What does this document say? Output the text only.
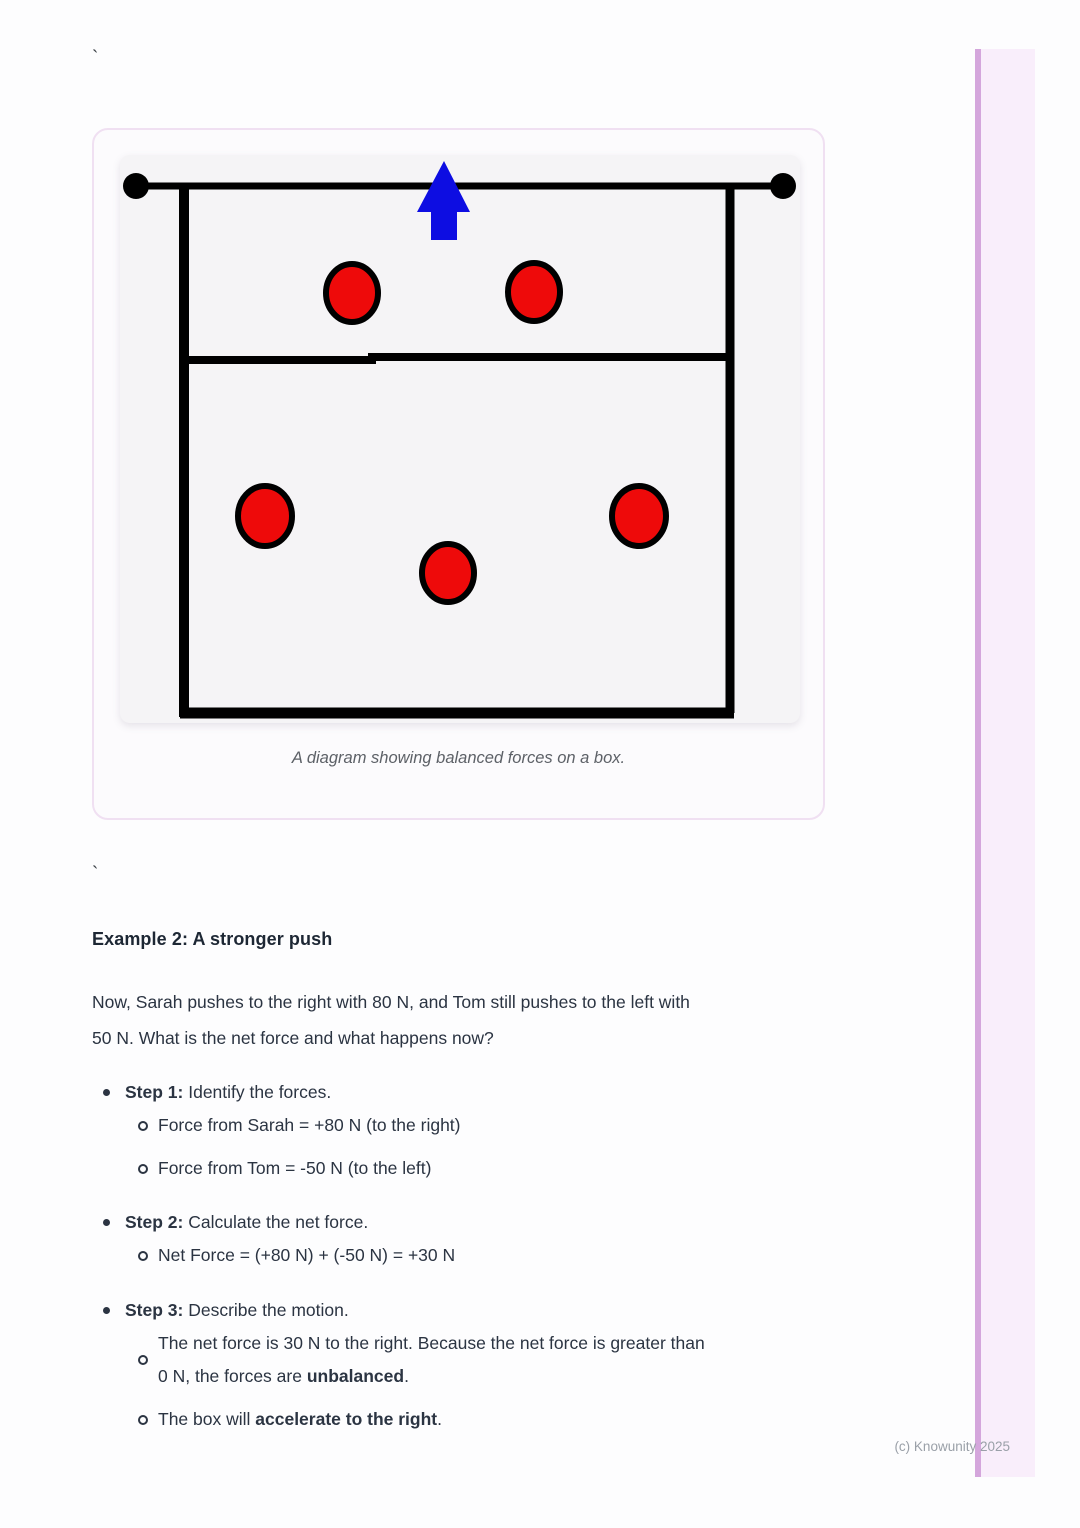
`
`
A diagram showing balanced forces on a box.
Example 2: A stronger push
Now, Sarah pushes to the right with 80 N, and Tom still pushes to the left with
50 N. What is the net force and what happens now?
Step 1: Identify the forces.
Force from Sarah = +80 N (to the right)
Force from Tom = -50 N (to the left)
Step 2: Calculate the net force.
Net Force = (+80 N) + (-50 N) = +30 N
Step 3: Describe the motion.
The net force is 30 N to the right. Because the net force is greater than
0 N, the forces are unbalanced.
The box will accelerate to the right.
(c) Knowunity 2025
